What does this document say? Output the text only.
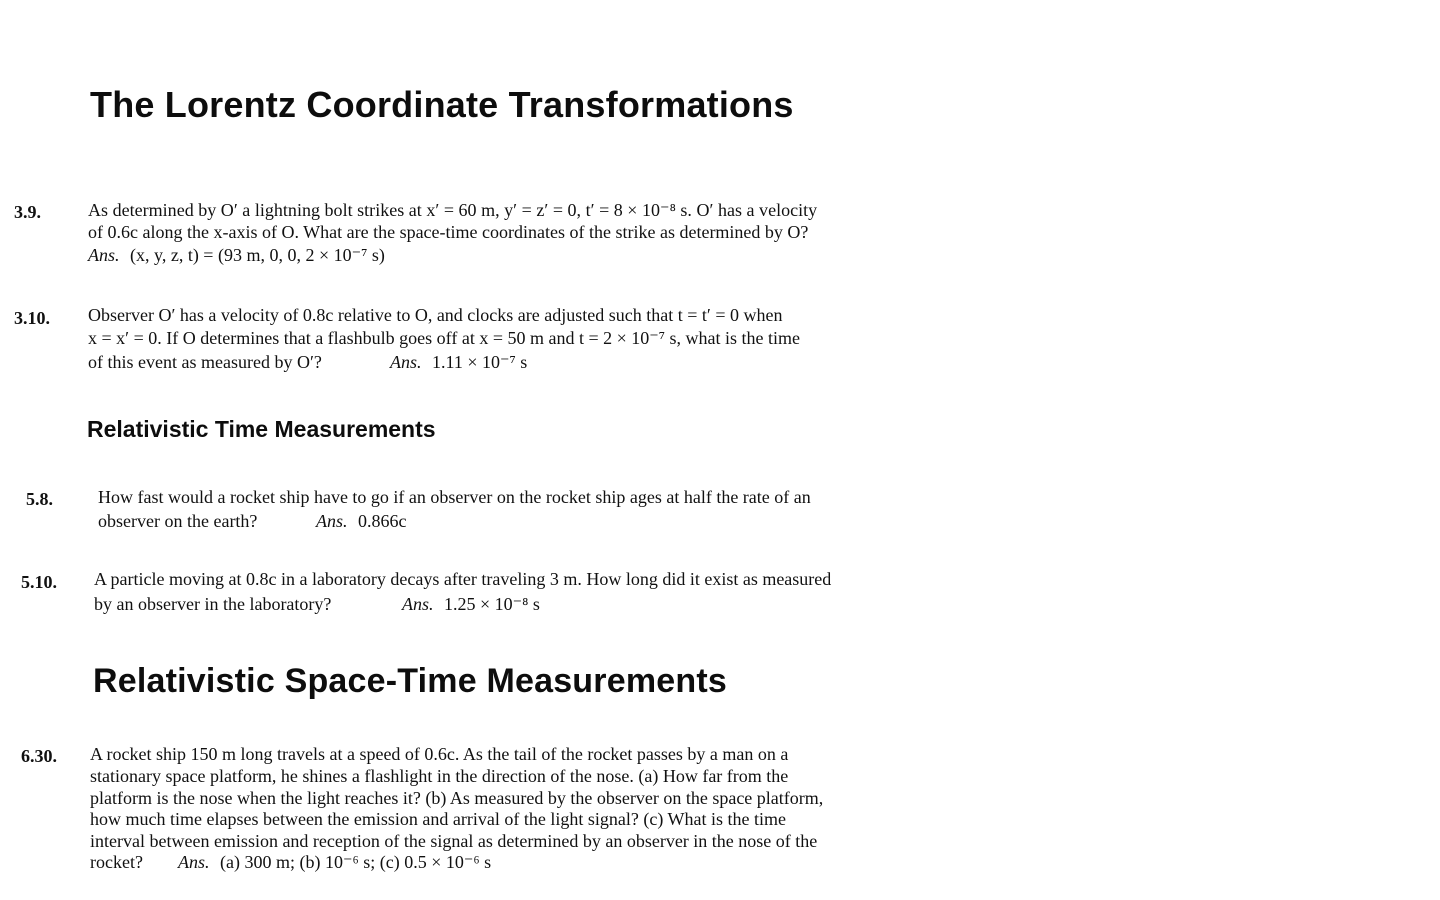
The Lorentz Coordinate Transformations
3.9.	As determined by O′ a lightning bolt strikes at x′ = 60 m, y′ = z′ = 0, t′ = 8 × 10⁻⁸ s. O′ has a velocity
of 0.6c along the x-axis of O. What are the space-time coordinates of the strike as determined by O?
Ans. (x, y, z, t) = (93 m, 0, 0, 2 × 10⁻⁷ s)
3.10. Observer O′ has a velocity of 0.8c relative to O, and clocks are adjusted such that t = t′ = 0 when
x = x′ = 0. If O determines that a flashbulb goes off at x = 50 m and t = 2 × 10⁻⁷ s, what is the time
of this event as measured by O′?	Ans. 1.11 × 10⁻⁷ s
Relativistic Time Measurements
5.8.	How fast would a rocket ship have to go if an observer on the rocket ship ages at half the rate of an
observer on the earth?	Ans. 0.866c
5.10. A particle moving at 0.8c in a laboratory decays after traveling 3 m. How long did it exist as measured
by an observer in the laboratory?	Ans. 1.25 × 10⁻⁸ s
Relativistic Space-Time Measurements
6.30. A rocket ship 150 m long travels at a speed of 0.6c. As the tail of the rocket passes by a man on a
stationary space platform, he shines a flashlight in the direction of the nose. (a) How far from the
platform is the nose when the light reaches it? (b) As measured by the observer on the space platform,
how much time elapses between the emission and arrival of the light signal? (c) What is the time
interval between emission and reception of the signal as determined by an observer in the nose of the
rocket? Ans. (a) 300 m; (b) 10⁻⁶ s; (c) 0.5 × 10⁻⁶ s
